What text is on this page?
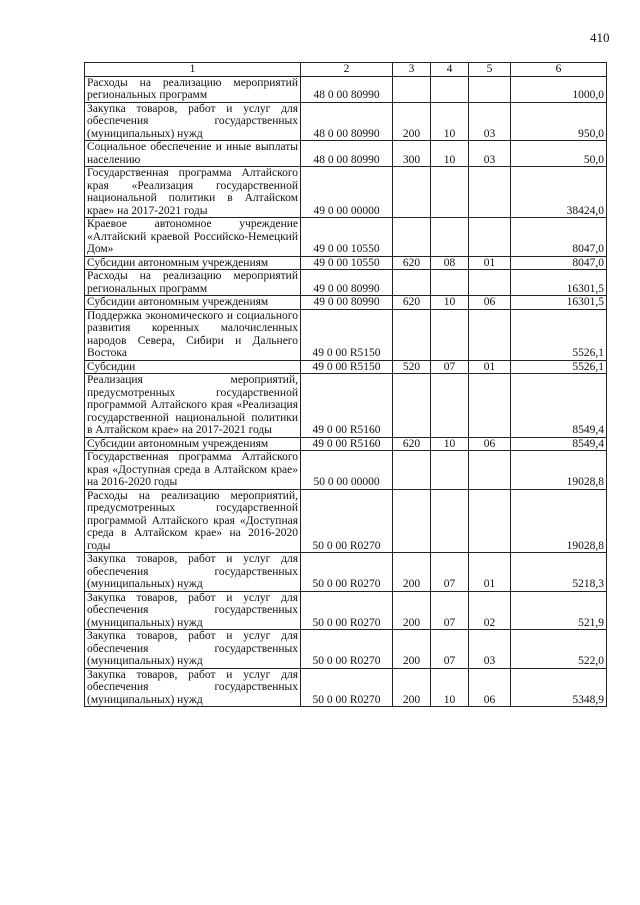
410
1	2	3	4	5	6
Расходы на реализацию мероприятий региональных программ	48 0 00 80990				1000,0
Закупка товаров, работ и услуг для обеспечения государственных (муниципальных) нужд	48 0 00 80990	200	10	03	950,0
Социальное обеспечение и иные выплаты населению	48 0 00 80990	300	10	03	50,0
Государственная программа Алтайского края «Реализация государственной национальной политики в Алтайском крае» на 2017-2021 годы	49 0 00 00000				38424,0
Краевое автономное учреждение «Алтайский краевой Российско-Немецкий Дом»	49 0 00 10550				8047,0
Субсидии автономным учреждениям	49 0 00 10550	620	08	01	8047,0
Расходы на реализацию мероприятий региональных программ	49 0 00 80990				16301,5
Субсидии автономным учреждениям	49 0 00 80990	620	10	06	16301,5
Поддержка экономического и социального развития коренных малочисленных народов Севера, Сибири и Дальнего Востока	49 0 00 R5150				5526,1
Субсидии	49 0 00 R5150	520	07	01	5526,1
Реализация мероприятий, предусмотренных государственной программой Алтайского края «Реализация государственной национальной политики в Алтайском крае» на 2017-2021 годы	49 0 00 R5160				8549,4
Субсидии автономным учреждениям	49 0 00 R5160	620	10	06	8549,4
Государственная программа Алтайского края «Доступная среда в Алтайском крае» на 2016-2020 годы	50 0 00 00000				19028,8
Расходы на реализацию мероприятий, предусмотренных государственной программой Алтайского края «Доступная среда в Алтайском крае» на 2016-2020 годы	50 0 00 R0270				19028,8
Закупка товаров, работ и услуг для обеспечения государственных (муниципальных) нужд	50 0 00 R0270	200	07	01	5218,3
Закупка товаров, работ и услуг для обеспечения государственных (муниципальных) нужд	50 0 00 R0270	200	07	02	521,9
Закупка товаров, работ и услуг для обеспечения государственных (муниципальных) нужд	50 0 00 R0270	200	07	03	522,0
Закупка товаров, работ и услуг для обеспечения государственных (муниципальных) нужд	50 0 00 R0270	200	10	06	5348,9
